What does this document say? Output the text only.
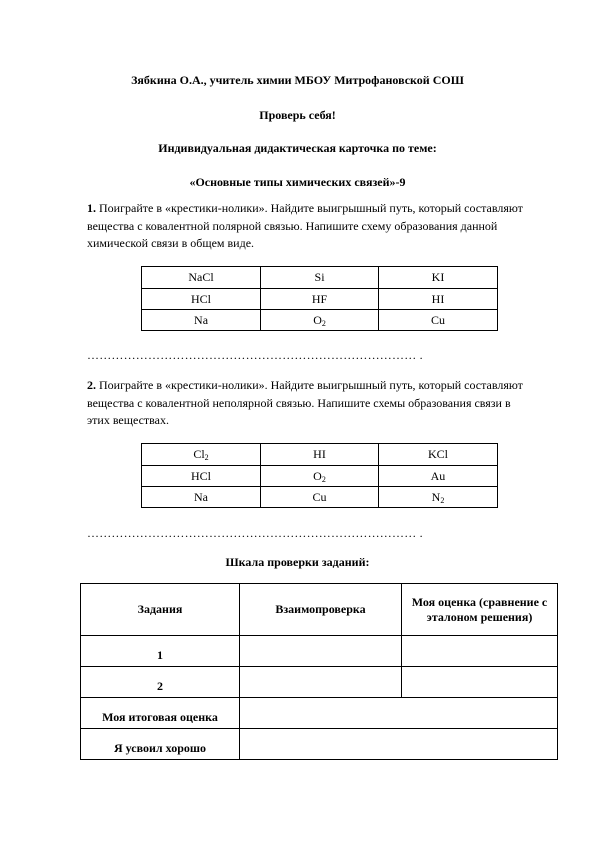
Зябкина О.А., учитель химии МБОУ Митрофановской СОШ
Проверь себя!
Индивидуальная дидактическая карточка по теме:
«Основные типы химических связей»-9
1. Поиграйте в «крестики-нолики». Найдите выигрышный путь, который составляют вещества с ковалентной полярной связью. Напишите схему образования данной химической связи в общем виде.
NaCl	Si	KI
HCl	HF	HI
Na	$O_2$	Cu
……………………………………………………………………… .
2. Поиграйте в «крестики-нолики». Найдите выигрышный путь, который составляют вещества с ковалентной неполярной связью. Напишите схемы образования связи в этих веществах.
$Cl_2$	HI	KCl
HCl	$O_2$	Au
Na	Cu	$N_2$
……………………………………………………………………… .
Шкала проверки заданий:
Задания	Взаимопроверка	Моя оценка (сравнение с эталоном решения)
1		
2		
Моя итоговая оценка		
Я усвоил хорошо		
